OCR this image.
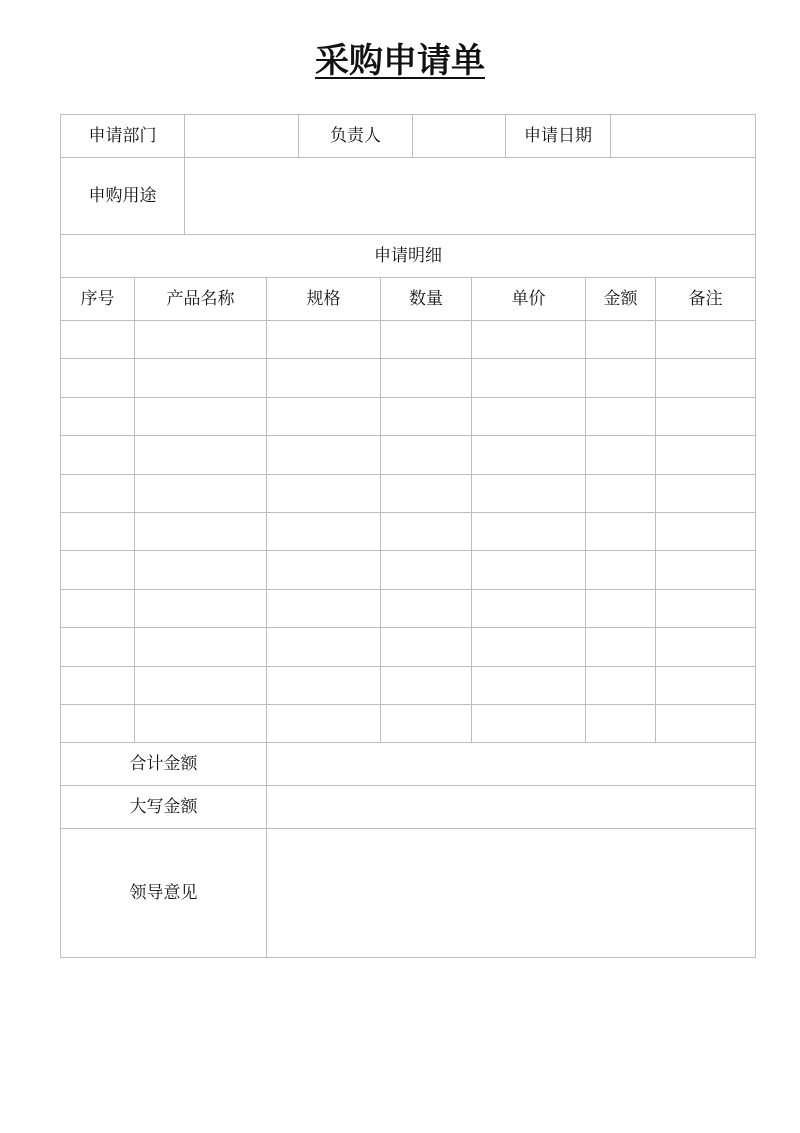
采购申请单
申请部门				负责人				申请日期			
申购用途											
申请明细											
序号	产品名称		规格		数量		单价		金额		备注

合计金额											
大写金额											
领导意见											
